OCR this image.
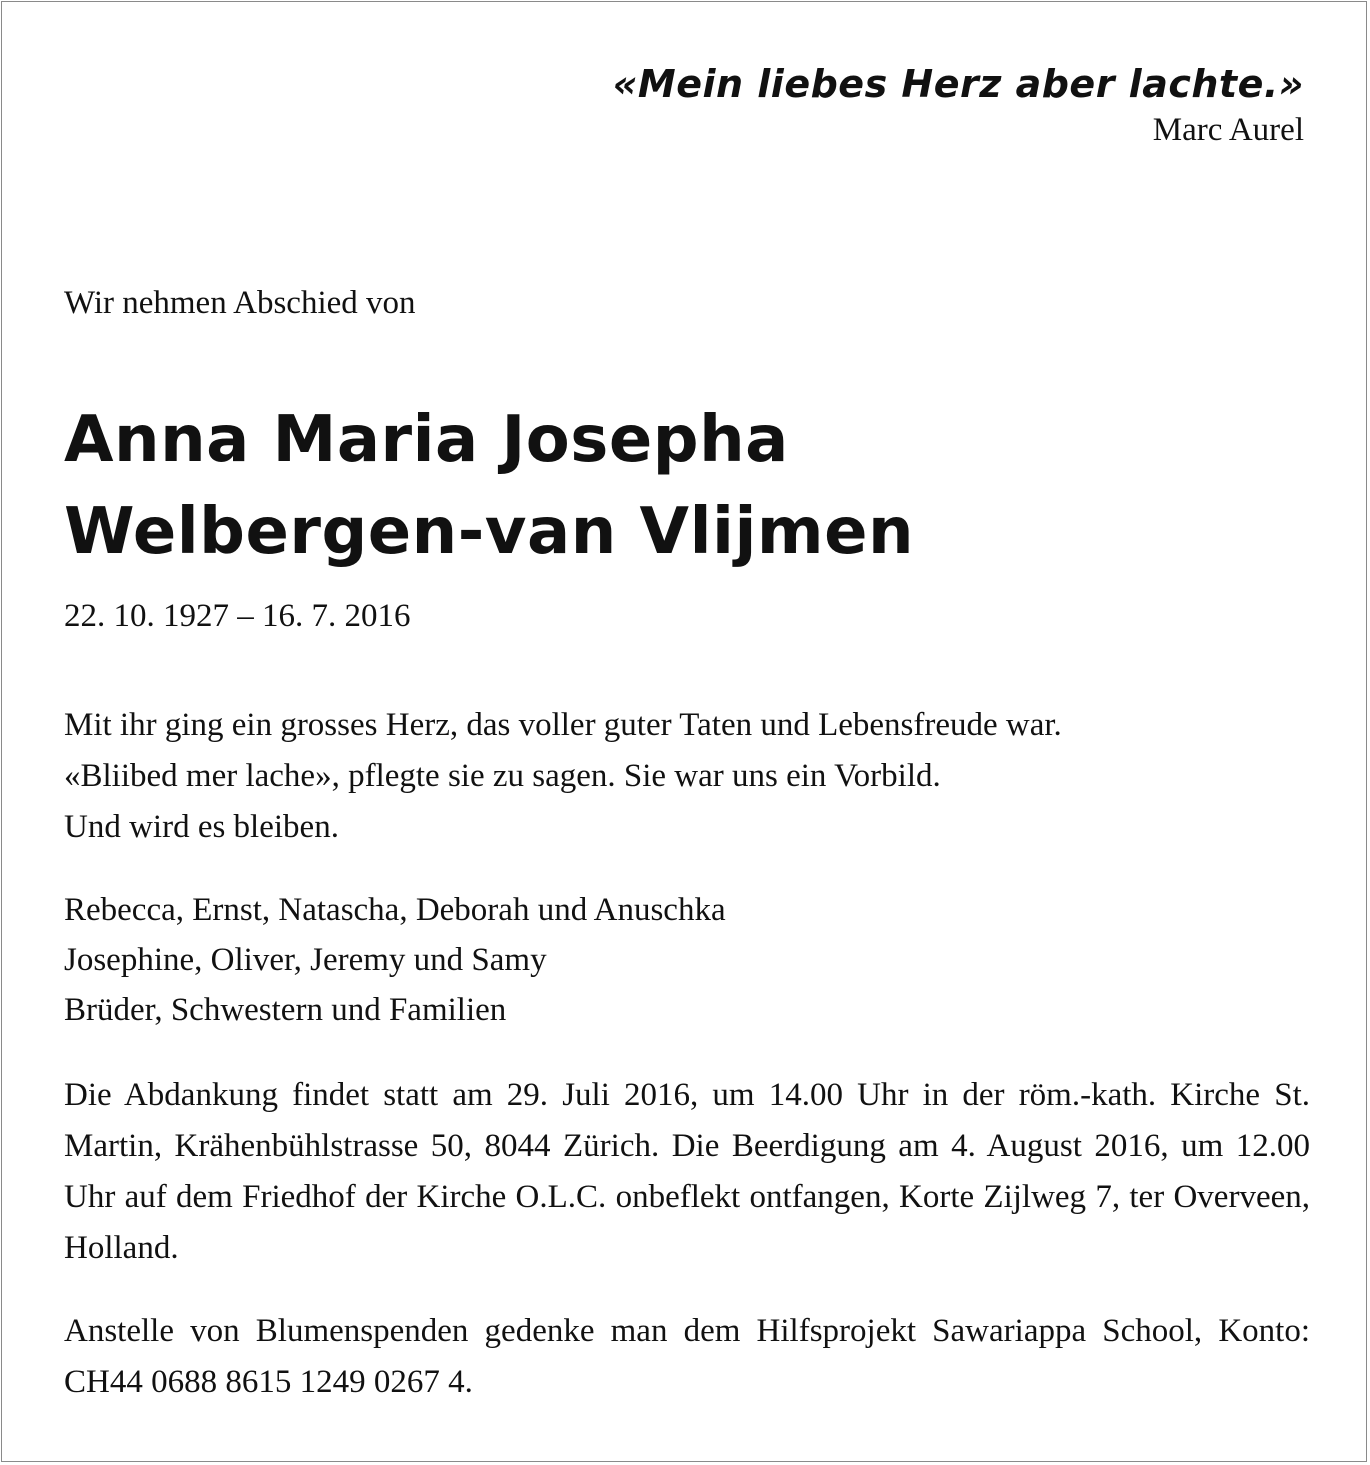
«Mein liebes Herz aber lachte.»
Marc Aurel
Wir nehmen Abschied von
Anna Maria Josepha
Welbergen-van Vlijmen
22. 10. 1927 – 16. 7. 2016
Mit ihr ging ein grosses Herz, das voller guter Taten und Lebensfreude war.
«Bliibed mer lache», pflegte sie zu sagen. Sie war uns ein Vorbild.
Und wird es bleiben.
Rebecca, Ernst, Natascha, Deborah und Anuschka
Josephine, Oliver, Jeremy und Samy
Brüder, Schwestern und Familien
Die Abdankung findet statt am 29. Juli 2016, um 14.00 Uhr in der röm.-kath. Kirche St. Martin, Krähenbühlstrasse 50, 8044 Zürich. Die Beerdigung am 4. August 2016, um 12.00 Uhr auf dem Friedhof der Kirche O.L.C. onbeflekt ontfangen, Korte Zijlweg 7, ter Overveen, Holland.
Anstelle von Blumenspenden gedenke man dem Hilfsprojekt Sawariappa School, Konto: CH44 0688 8615 1249 0267 4.
